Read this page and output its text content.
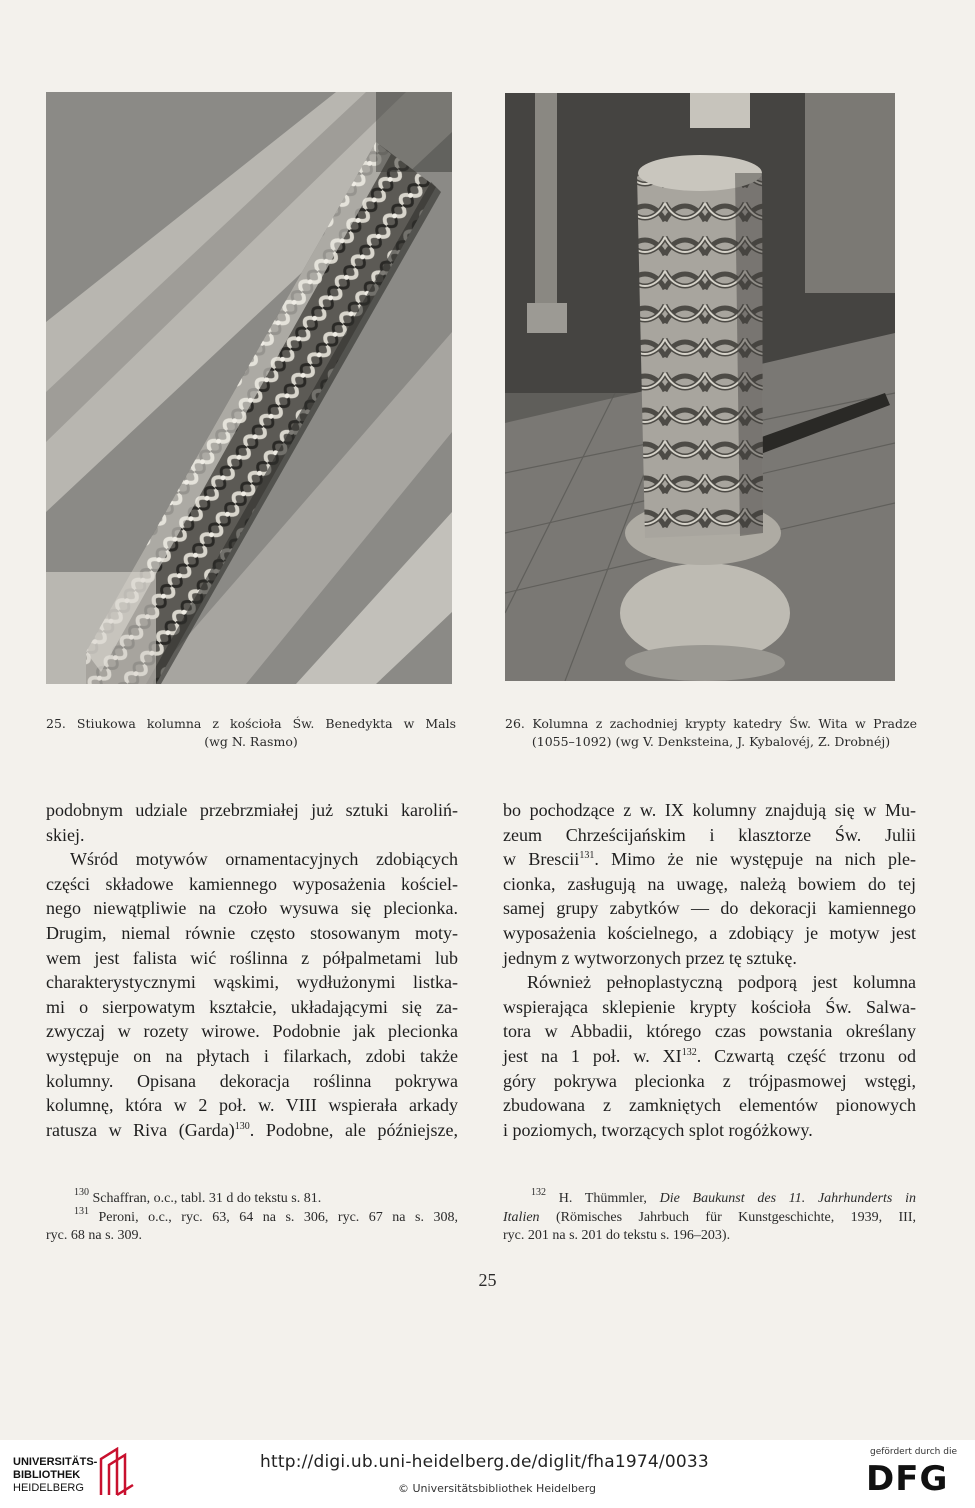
25. Stiukowa kolumna z kościoła Św. Benedykta w Mals
(wg N. Rasmo)
26. Kolumna z zachodniej krypty katedry Św. Wita w Pradze
(1055–1092) (wg V. Denksteina, J. Kybalovéj, Z. Drobnéj)
podobnym udziale przebrzmiałej już sztuki karoliń-
skiej.
Wśród motywów ornamentacyjnych zdobiących
części składowe kamiennego wyposażenia kościel-
nego niewątpliwie na czoło wysuwa się plecionka.
Drugim, niemal równie często stosowanym moty-
wem jest falista wić roślinna z półpalmetami lub
charakterystycznymi wąskimi, wydłużonymi listka-
mi o sierpowatym kształcie, układającymi się za-
zwyczaj w rozety wirowe. Podobnie jak plecionka
występuje on na płytach i filarkach, zdobi także
kolumny. Opisana dekoracja roślinna pokrywa
kolumnę, która w 2 poł. w. VIII wspierała arkady
ratusza w Riva (Garda)$^{130}$. Podobne, ale późniejsze,
bo pochodzące z w. IX kolumny znajdują się w Mu-
zeum Chrześcijańskim i klasztorze Św. Julii
w Brescii$^{131}$. Mimo że nie występuje na nich ple-
cionka, zasługują na uwagę, należą bowiem do tej
samej grupy zabytków — do dekoracji kamiennego
wyposażenia kościelnego, a zdobiący je motyw jest
jednym z wytworzonych przez tę sztukę.
Również pełnoplastyczną podporą jest kolumna
wspierająca sklepienie krypty kościoła Św. Salwa-
tora w Abbadii, którego czas powstania określany
jest na 1 poł. w. XI$^{132}$. Czwartą część trzonu od
góry pokrywa plecionka z trójpasmowej wstęgi,
zbudowana z zamkniętych elementów pionowych
i poziomych, tworzących splot rogóżkowy.
$^{130}$ Schaffran, o.c., tabl. 31 d do tekstu s. 81.
$^{131}$ Peroni, o.c., ryc. 63, 64 na s. 306, ryc. 67 na s. 308,
ryc. 68 na s. 309.
$^{132}$ H. Thümmler, Die Baukunst des 11. Jahrhunderts in
Italien (Römisches Jahrbuch für Kunstgeschichte, 1939, III,
ryc. 201 na s. 201 do tekstu s. 196–203).
25
UNIVERSITÄTS-
BIBLIOTHEK
HEIDELBERG
http://digi.ub.uni-heidelberg.de/diglit/fha1974/0033
© Universitätsbibliothek Heidelberg
gefördert durch die
DFG
